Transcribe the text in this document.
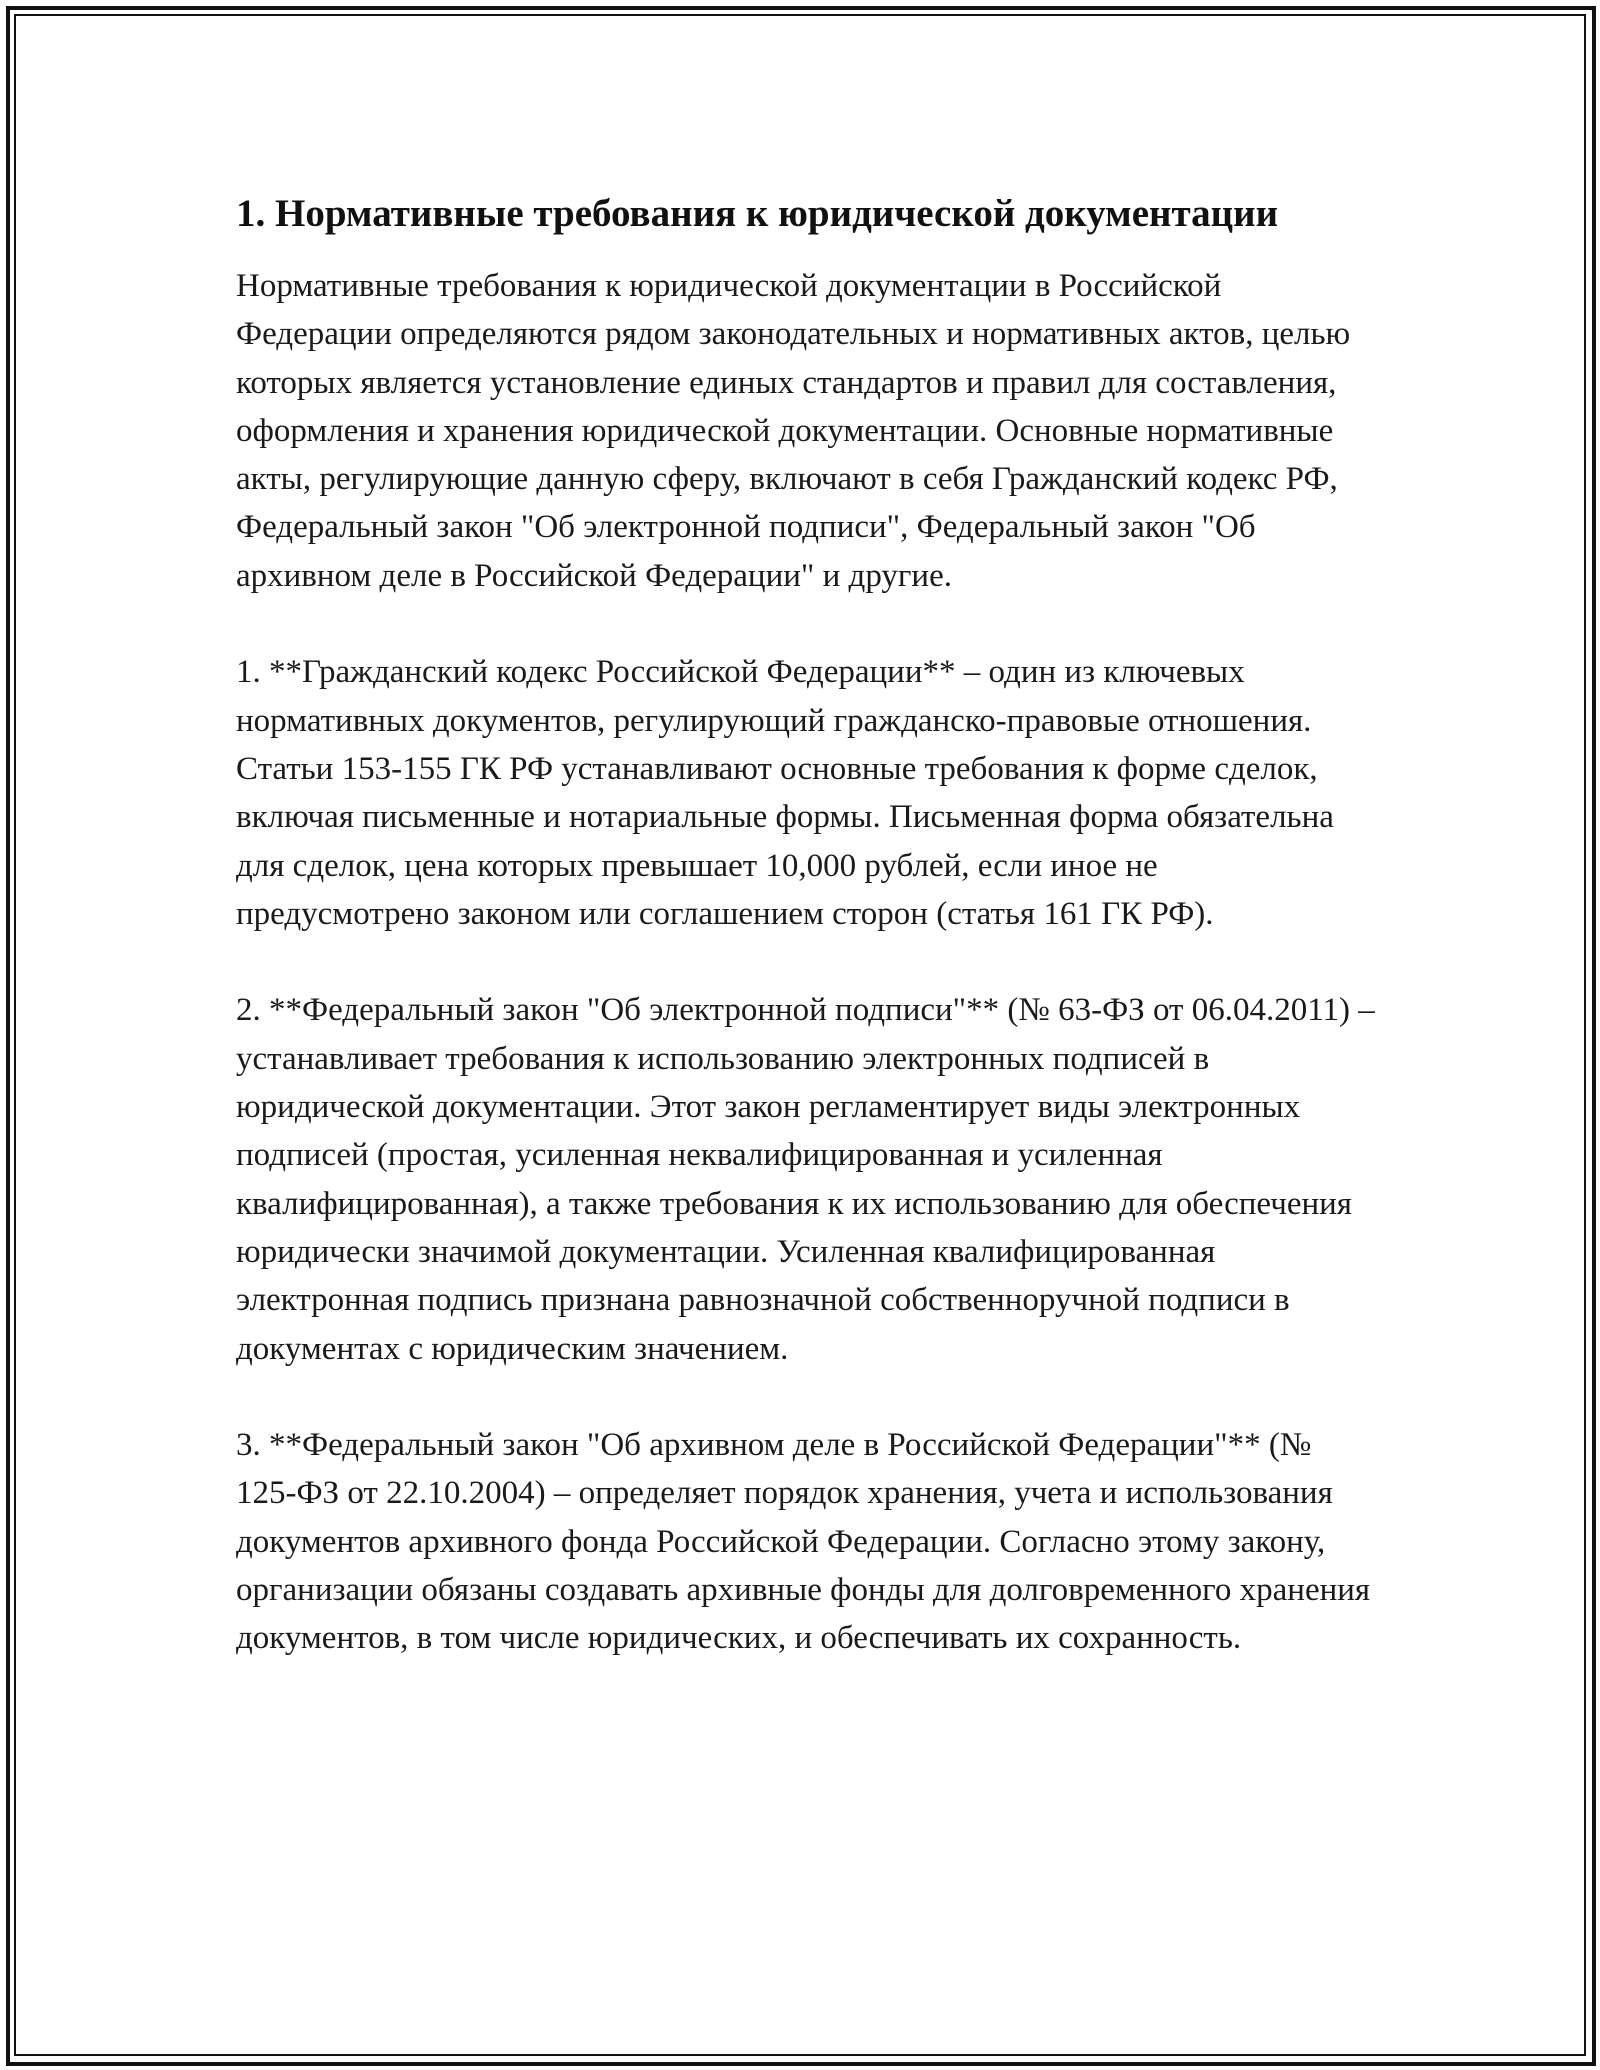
1. Нормативные требования к юридической документации

Нормативные требования к юридической документации в Российской Федерации определяются рядом законодательных и нормативных актов, целью которых является установление единых стандартов и правил для составления, оформления и хранения юридической документации. Основные нормативные акты, регулирующие данную сферу, включают в себя Гражданский кодекс РФ, Федеральный закон "Об электронной подписи", Федеральный закон "Об архивном деле в Российской Федерации" и другие.

1. **Гражданский кодекс Российской Федерации** – один из ключевых нормативных документов, регулирующий гражданско-правовые отношения. Статьи 153-155 ГК РФ устанавливают основные требования к форме сделок, включая письменные и нотариальные формы. Письменная форма обязательна для сделок, цена которых превышает 10,000 рублей, если иное не предусмотрено законом или соглашением сторон (статья 161 ГК РФ).

2. **Федеральный закон "Об электронной подписи"** (№ 63-ФЗ от 06.04.2011) – устанавливает требования к использованию электронных подписей в юридической документации. Этот закон регламентирует виды электронных подписей (простая, усиленная неквалифицированная и усиленная квалифицированная), а также требования к их использованию для обеспечения юридически значимой документации. Усиленная квалифицированная электронная подпись признана равнозначной собственноручной подписи в документах с юридическим значением.

3. **Федеральный закон "Об архивном деле в Российской Федерации"** (№ 125-ФЗ от 22.10.2004) – определяет порядок хранения, учета и использования документов архивного фонда Российской Федерации. Согласно этому закону, организации обязаны создавать архивные фонды для долговременного хранения документов, в том числе юридических, и обеспечивать их сохранность.
